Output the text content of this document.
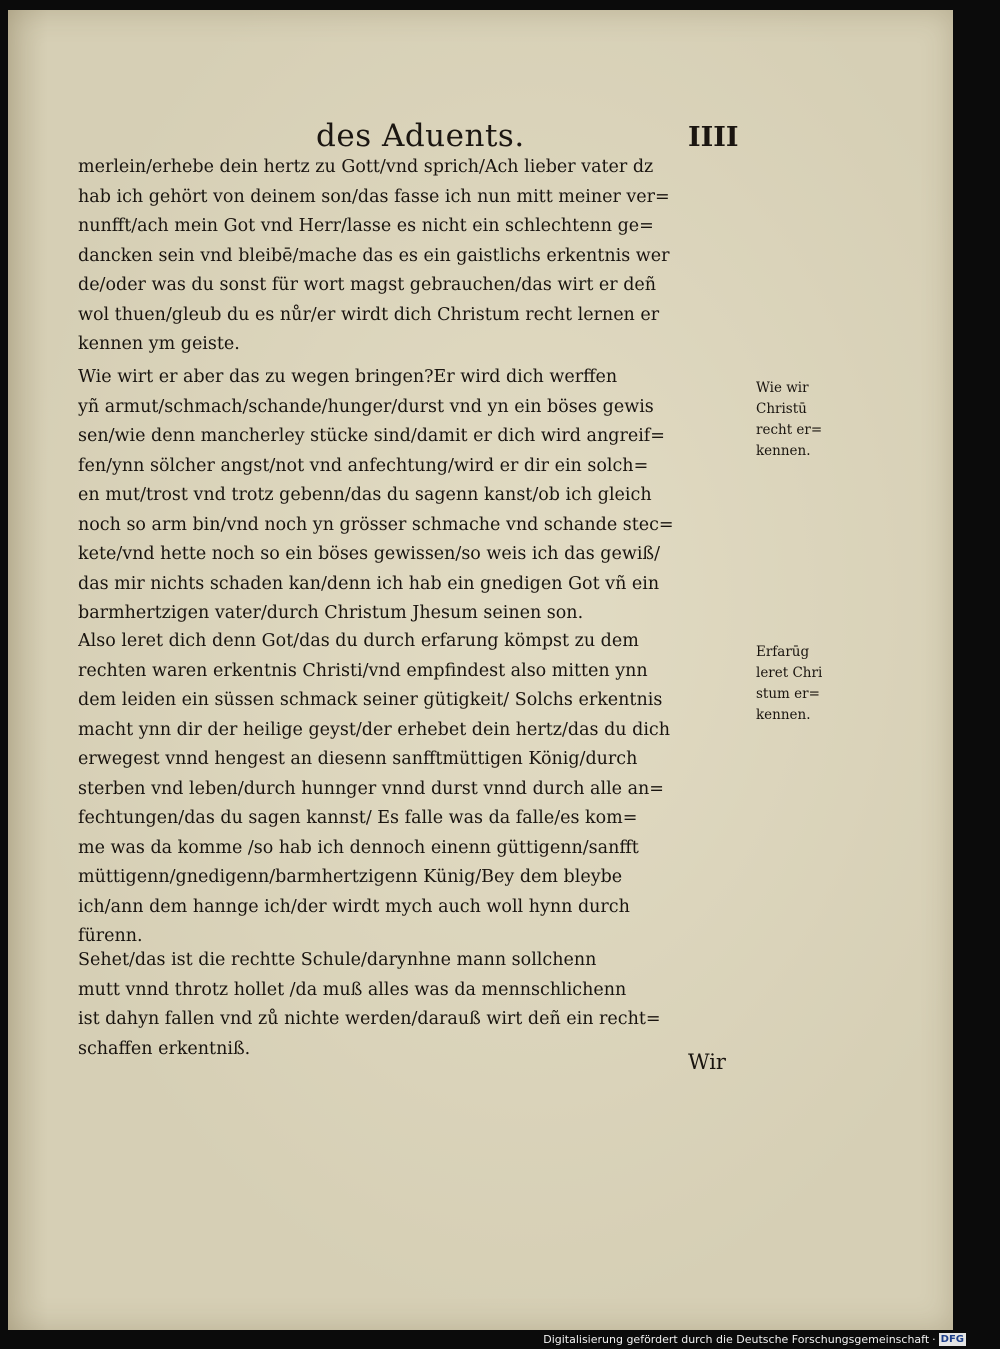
des Aduents.	IIII
merlein/erhebe dein hertz zu Gott/vnd sprich/Ach lieber vater dz
hab ich gehört von deinem son/das fasse ich nun mitt meiner ver=
nunfft/ach mein Got vnd Herr/lasse es nicht ein schlechtenn ge=
dancken sein vnd bleibē/mache das es ein gaistlichs erkentnis wer
de/oder was du sonst für wort magst gebrauchen/das wirt er deñ
wol thuen/gleub du es nůr/er wirdt dich Christum recht lernen er
kennen ym geiste.
Wie wirt er aber das zu wegen bringen?Er wird dich werffen
yñ armut/schmach/schande/hunger/durst vnd yn ein böses gewis
sen/wie denn mancherley stücke sind/damit er dich wird angreif=
fen/ynn sölcher angst/not vnd anfechtung/wird er dir ein solch=
en mut/trost vnd trotz gebenn/das du sagenn kanst/ob ich gleich
noch so arm bin/vnd noch yn grösser schmache vnd schande stec=
kete/vnd hette noch so ein böses gewissen/so weis ich das gewiß/
das mir nichts schaden kan/denn ich hab ein gnedigen Got vñ ein
barmhertzigen vater/durch Christum Jhesum seinen son.
Wie wir
Christū
recht er=
kennen.
Also leret dich denn Got/das du durch erfarung kömpst zu dem
rechten waren erkentnis Christi/vnd empfindest also mitten ynn
dem leiden ein süssen schmack seiner gütigkeit/ Solchs erkentnis
macht ynn dir der heilige geyst/der erhebet dein hertz/das du dich
erwegest vnnd hengest an diesenn sanfftmüttigen König/durch
sterben vnd leben/durch hunnger vnnd durst vnnd durch alle an=
fechtungen/das du sagen kannst/ Es falle was da falle/es kom=
me was da komme /so hab ich dennoch einenn güttigenn/sanfft
müttigenn/gnedigenn/barmhertzigenn Künig/Bey dem bleybe
ich/ann dem hannge ich/der wirdt mych auch woll hynn durch
fürenn.
Erfarūg
leret Chri
stum er=
kennen.
Sehet/das ist die rechtte Schule/darynhne mann sollchenn
mutt vnnd throtz hollet /da muß alles was da mennschlichenn
ist dahyn fallen vnd zů nichte werden/darauß wirt deñ ein recht=
schaffen erkentniß.
Wir
Digitalisierung gefördert durch die Deutsche Forschungsgemeinschaft · DFG
